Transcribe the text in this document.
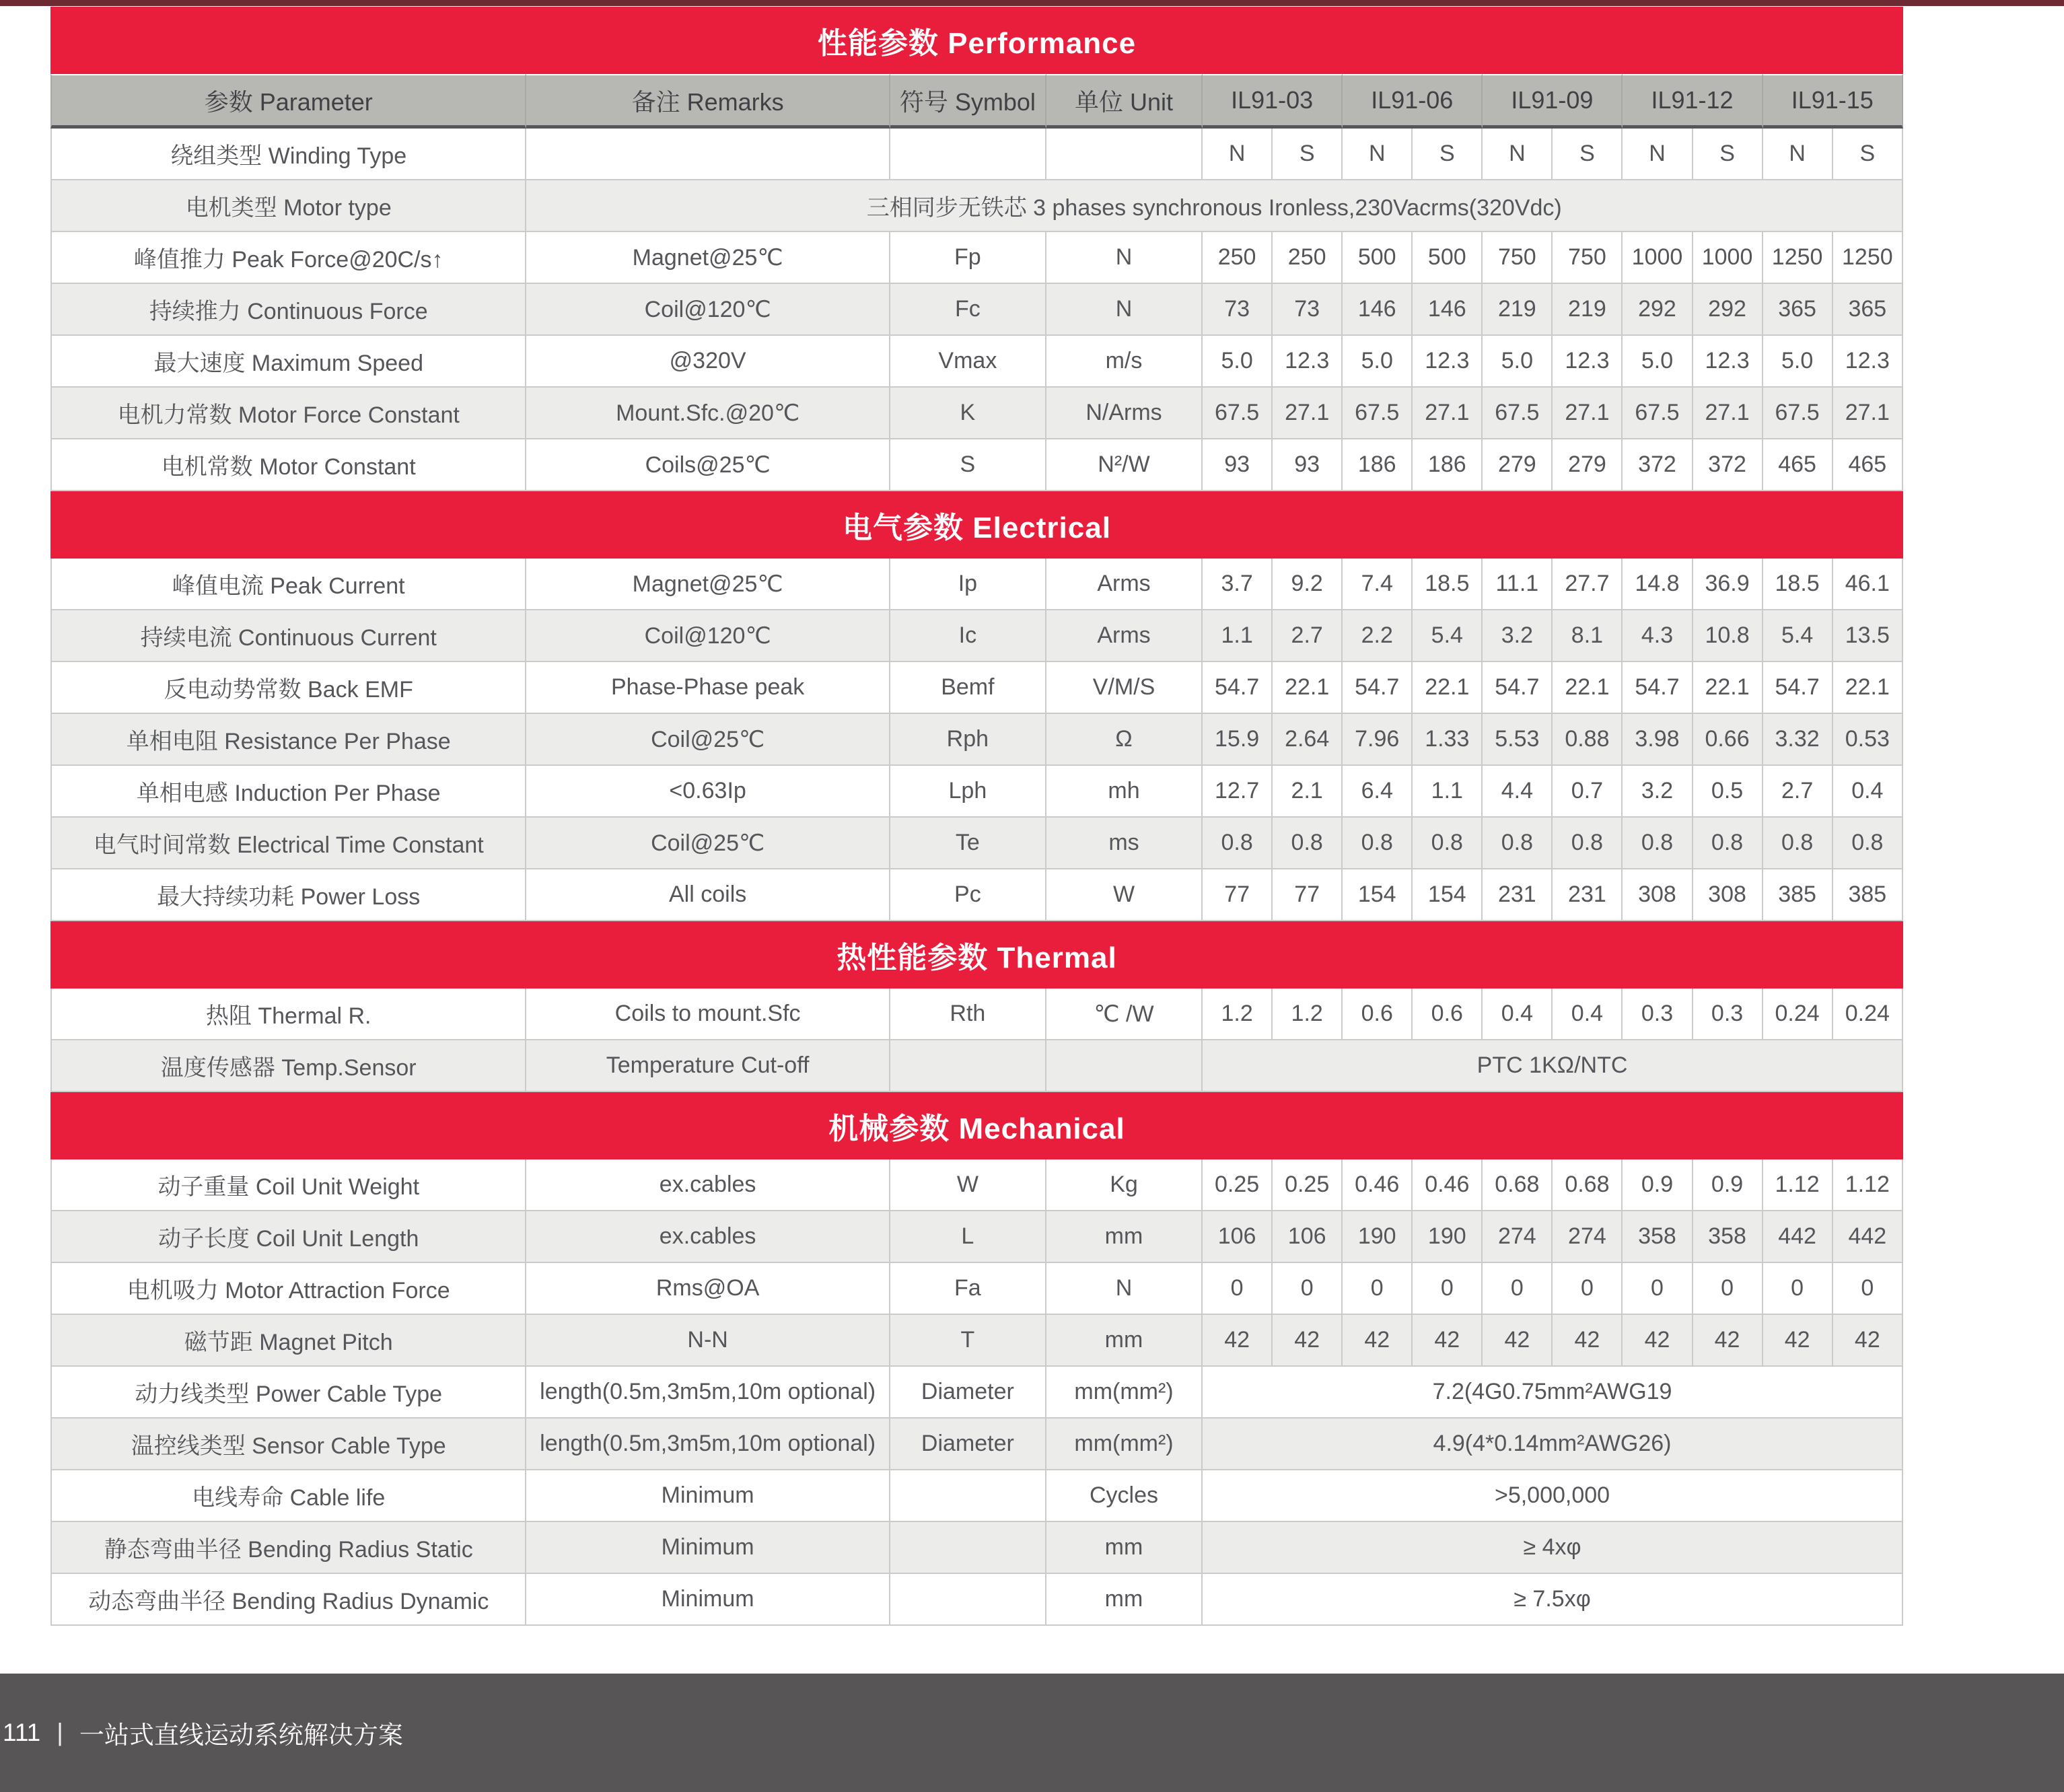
性能参数 Performance													
参数 Parameter	备注 Remarks	符号 Symbol	单位 Unit	IL91-03		IL91-06		IL91-09		IL91-12		IL91-15	
绕组类型 Winding Type				N	S	N	S	N	S	N	S	N	S
电机类型 Motor type	三相同步无铁芯 3 phases synchronous Ironless,230Vacrms(320Vdc)												
峰值推力 Peak Force@20C/s↑	Magnet@25℃	Fp	N	250	250	500	500	750	750	1000	1000	1250	1250
持续推力 Continuous Force	Coil@120℃	Fc	N	73	73	146	146	219	219	292	292	365	365
最大速度 Maximum Speed	@320V	Vmax	m/s	5.0	12.3	5.0	12.3	5.0	12.3	5.0	12.3	5.0	12.3
电机力常数 Motor Force Constant	Mount.Sfc.@20℃	K	N/Arms	67.5	27.1	67.5	27.1	67.5	27.1	67.5	27.1	67.5	27.1
电机常数 Motor Constant	Coils@25℃	S	N²/W	93	93	186	186	279	279	372	372	465	465
电气参数 Electrical													
峰值电流 Peak Current	Magnet@25℃	Ip	Arms	3.7	9.2	7.4	18.5	11.1	27.7	14.8	36.9	18.5	46.1
持续电流 Continuous Current	Coil@120℃	Ic	Arms	1.1	2.7	2.2	5.4	3.2	8.1	4.3	10.8	5.4	13.5
反电动势常数 Back EMF	Phase-Phase peak	Bemf	V/M/S	54.7	22.1	54.7	22.1	54.7	22.1	54.7	22.1	54.7	22.1
单相电阻 Resistance Per Phase	Coil@25℃	Rph	Ω	15.9	2.64	7.96	1.33	5.53	0.88	3.98	0.66	3.32	0.53
单相电感 Induction Per Phase	<0.63Ip	Lph	mh	12.7	2.1	6.4	1.1	4.4	0.7	3.2	0.5	2.7	0.4
电气时间常数 Electrical Time Constant	Coil@25℃	Te	ms	0.8	0.8	0.8	0.8	0.8	0.8	0.8	0.8	0.8	0.8
最大持续功耗 Power Loss	All coils	Pc	W	77	77	154	154	231	231	308	308	385	385
热性能参数 Thermal													
热阻 Thermal R.	Coils to mount.Sfc	Rth	℃ /W	1.2	1.2	0.6	0.6	0.4	0.4	0.3	0.3	0.24	0.24
温度传感器 Temp.Sensor	Temperature Cut-off			PTC 1KΩ/NTC									
机械参数 Mechanical													
动子重量 Coil Unit Weight	ex.cables	W	Kg	0.25	0.25	0.46	0.46	0.68	0.68	0.9	0.9	1.12	1.12
动子长度 Coil Unit Length	ex.cables	L	mm	106	106	190	190	274	274	358	358	442	442
电机吸力 Motor Attraction Force	Rms@OA	Fa	N	0	0	0	0	0	0	0	0	0	0
磁节距 Magnet Pitch	N-N	T	mm	42	42	42	42	42	42	42	42	42	42
动力线类型 Power Cable Type	length(0.5m,3m5m,10m optional)	Diameter	mm(mm²)	7.2(4G0.75mm²AWG19									
温控线类型 Sensor Cable Type	length(0.5m,3m5m,10m optional)	Diameter	mm(mm²)	4.9(4*0.14mm²AWG26)									
电线寿命 Cable life	Minimum		Cycles	>5,000,000									
静态弯曲半径 Bending Radius Static	Minimum		mm	≥ 4xφ									
动态弯曲半径 Bending Radius Dynamic	Minimum		mm	≥ 7.5xφ									
111 | 一站式直线运动系统解决方案
